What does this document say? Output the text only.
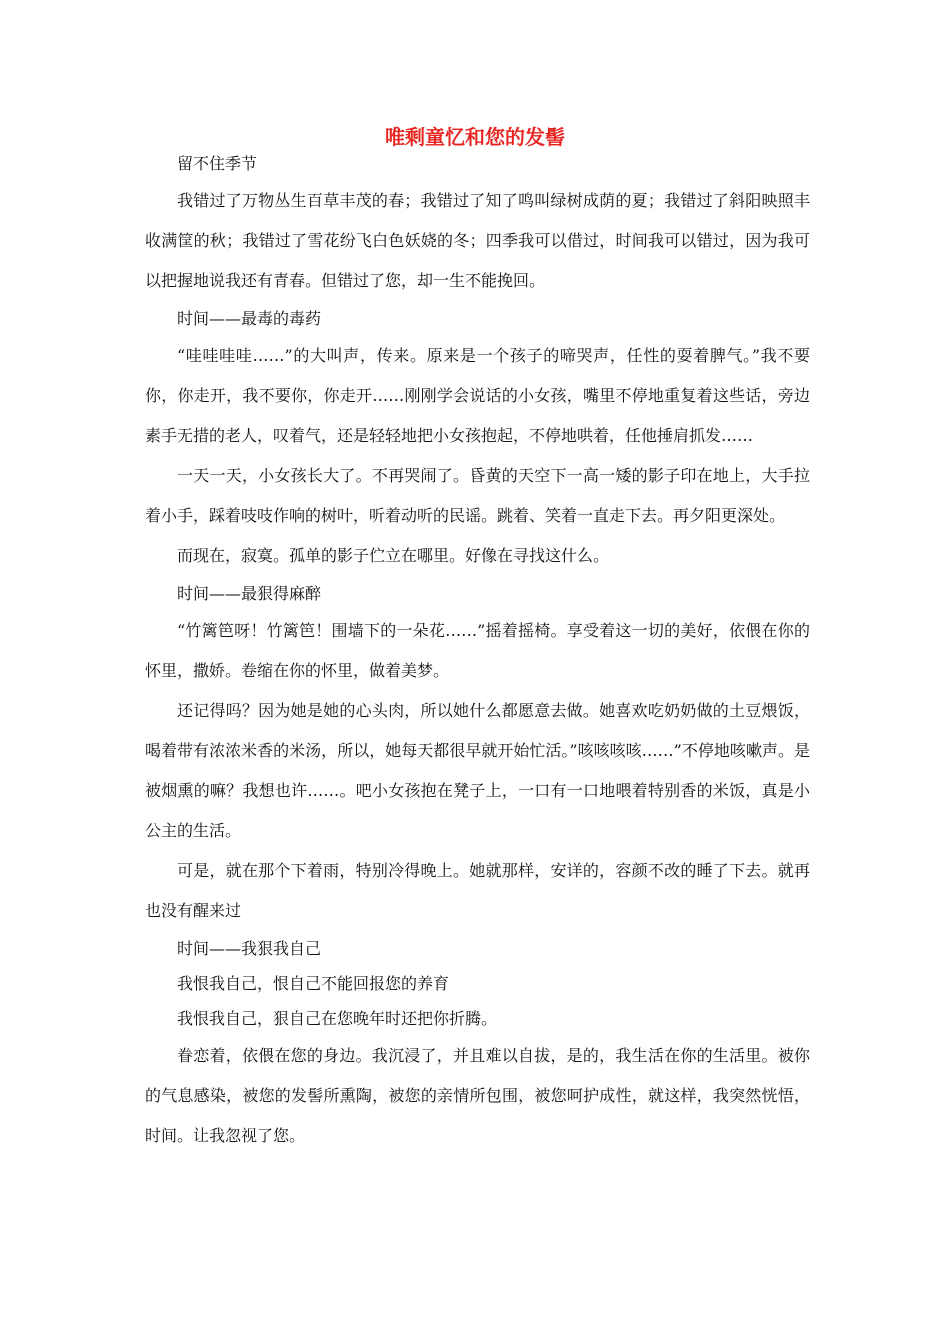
唯剩童忆和您的发髻

留不住季节

我错过了万物丛生百草丰茂的春；我错过了知了鸣叫绿树成荫的夏；我错过了斜阳映照丰收满筐的秋；我错过了雪花纷飞白色妖娆的冬；四季我可以借过，时间我可以错过，因为我可以把握地说我还有青春。但错过了您，却一生不能挽回。

时间——最毒的毒药

“哇哇哇哇……”的大叫声，传来。原来是一个孩子的啼哭声，任性的耍着脾气。”我不要你，你走开，我不要你，你走开……刚刚学会说话的小女孩，嘴里不停地重复着这些话，旁边素手无措的老人，叹着气，还是轻轻地把小女孩抱起，不停地哄着，任他捶肩抓发……

一天一天，小女孩长大了。不再哭闹了。昏黄的天空下一高一矮的影子印在地上，大手拉着小手，踩着吱吱作响的树叶，听着动听的民谣。跳着、笑着一直走下去。再夕阳更深处。

而现在，寂寞。孤单的影子伫立在哪里。好像在寻找这什么。

时间——最狠得麻醉

“竹篱笆呀！竹篱笆！围墙下的一朵花……”摇着摇椅。享受着这一切的美好，依偎在你的怀里，撒娇。卷缩在你的怀里，做着美梦。

还记得吗？因为她是她的心头肉，所以她什么都愿意去做。她喜欢吃奶奶做的土豆煨饭，喝着带有浓浓米香的米汤，所以，她每天都很早就开始忙活。”咳咳咳咳……”不停地咳嗽声。是被烟熏的嘛？我想也许……。吧小女孩抱在凳子上，一口有一口地喂着特别香的米饭，真是小公主的生活。

可是，就在那个下着雨，特别冷得晚上。她就那样，安详的，容颜不改的睡了下去。就再也没有醒来过

时间——我狠我自己

我恨我自己，恨自己不能回报您的养育

我恨我自己，狠自己在您晚年时还把你折腾。

眷恋着，依偎在您的身边。我沉浸了，并且难以自拔，是的，我生活在你的生活里。被你的气息感染，被您的发髻所熏陶，被您的亲情所包围，被您呵护成性，就这样，我突然恍悟，时间。让我忽视了您。
